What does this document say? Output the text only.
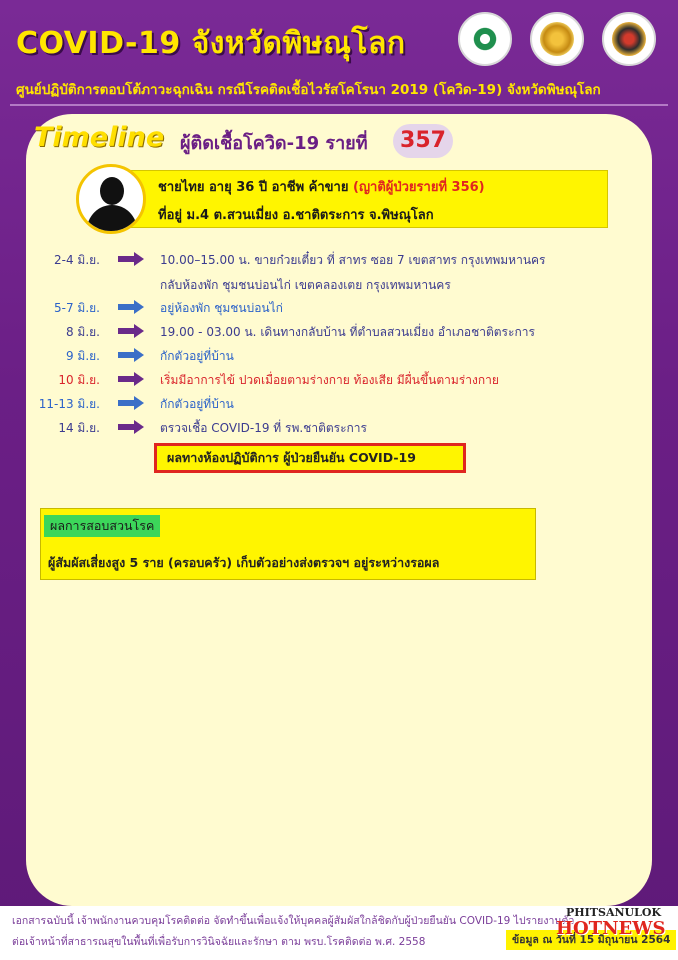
COVID-19 จังหวัดพิษณุโลก
ศูนย์ปฏิบัติการตอบโต้ภาวะฉุกเฉิน กรณีโรคติดเชื้อไวรัสโคโรนา 2019 (โควิด-19) จังหวัดพิษณุโลก
Timeline ผู้ติดเชื้อโควิด-19 รายที่	357
ชายไทย อายุ 36 ปี อาชีพ ค้าขาย (ญาติผู้ป่วยรายที่ 356)
ที่อยู่ ม.4 ต.สวนเมี่ยง อ.ชาติตระการ จ.พิษณุโลก
2-4 มิ.ย.	10.00–15.00 น. ขายก๋วยเตี๋ยว ที่ สาทร ซอย 7 เขตสาทร กรุงเทพมหานคร
กลับห้องพัก ชุมชนบ่อนไก่ เขตคลองเตย กรุงเทพมหานคร
5-7 มิ.ย.	อยู่ห้องพัก ชุมชนบ่อนไก่
8 มิ.ย.	19.00 - 03.00 น. เดินทางกลับบ้าน ที่ตำบลสวนเมี่ยง อำเภอชาติตระการ
9 มิ.ย.	กักตัวอยู่ที่บ้าน
10 มิ.ย.	เริ่มมีอาการไข้ ปวดเมื่อยตามร่างกาย ท้องเสีย มีผื่นขึ้นตามร่างกาย
11-13 มิ.ย.	กักตัวอยู่ที่บ้าน
14 มิ.ย.	ตรวจเชื้อ COVID-19 ที่ รพ.ชาติตระการ
ผลทางห้องปฏิบัติการ ผู้ป่วยยืนยัน COVID-19
ผลการสอบสวนโรค
ผู้สัมผัสเสี่ยงสูง 5 ราย (ครอบครัว) เก็บตัวอย่างส่งตรวจฯ อยู่ระหว่างรอผล
เอกสารฉบับนี้ เจ้าพนักงานควบคุมโรคติดต่อ จัดทำขึ้นเพื่อแจ้งให้บุคคลผู้สัมผัสใกล้ชิดกับผู้ป่วยยืนยัน COVID-19 ไปรายงานตัว
ต่อเจ้าหน้าที่สาธารณสุขในพื้นที่เพื่อรับการวินิจฉัยและรักษา ตาม พรบ.โรคติดต่อ พ.ศ. 2558	ข้อมูล ณ วันที่ 15 มิถุนายน 2564
PHITSANULOK
HOTNEWS
